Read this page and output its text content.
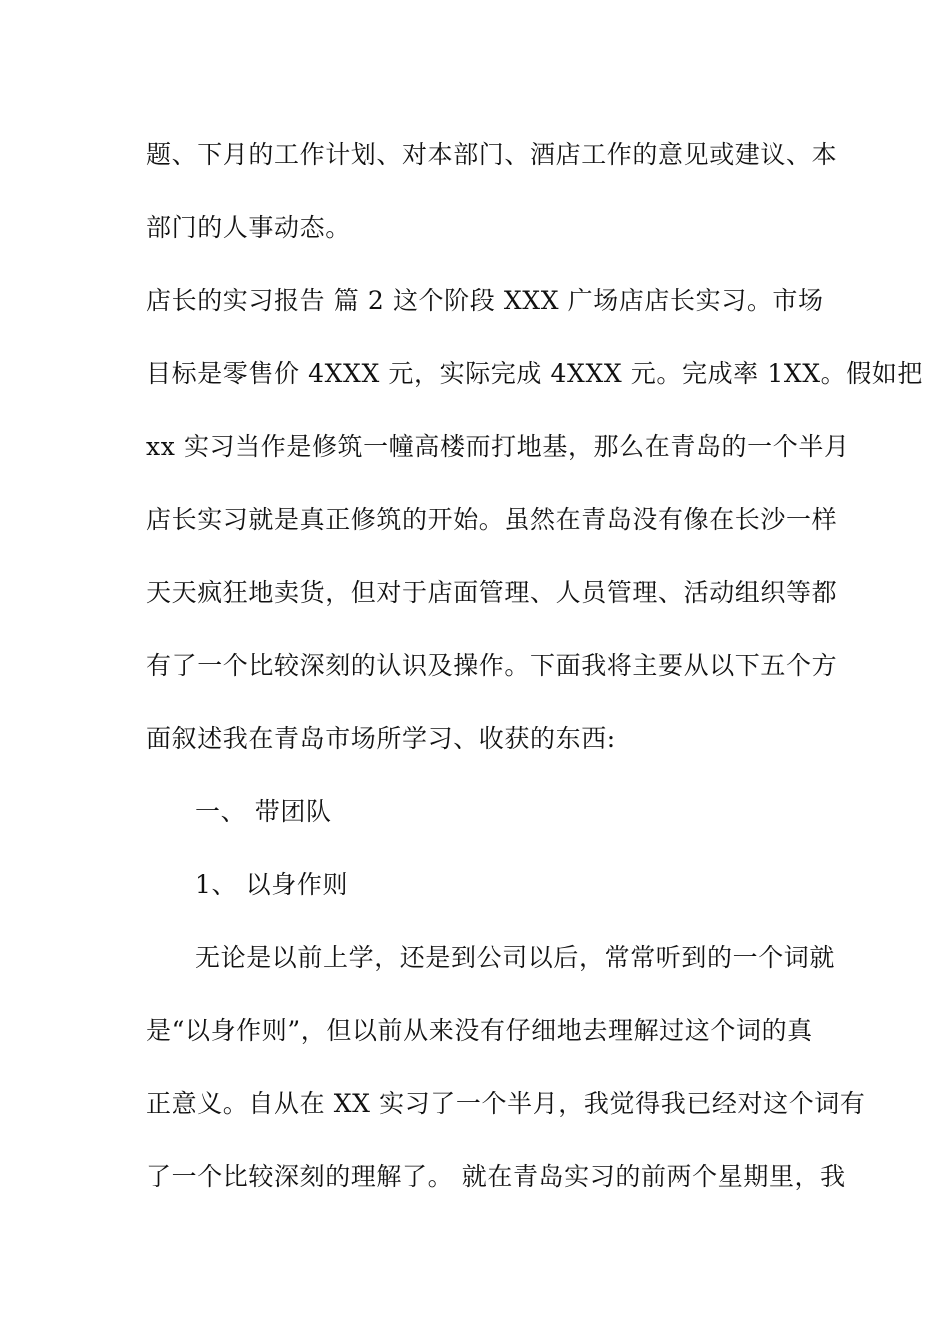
题、下月的工作计划、对本部门、酒店工作的意见或建议、本
部门的人事动态。
店长的实习报告 篇 2 这个阶段 XXX 广场店店长实习。市场
目标是零售价 4XXX 元，实际完成 4XXX 元。完成率 1XX。假如把
xx 实习当作是修筑一幢高楼而打地基，那么在青岛的一个半月
店长实习就是真正修筑的开始。虽然在青岛没有像在长沙一样
天天疯狂地卖货，但对于店面管理、人员管理、活动组织等都
有了一个比较深刻的认识及操作。下面我将主要从以下五个方
面叙述我在青岛市场所学习、收获的东西:
一、 带团队
1、 以身作则
无论是以前上学，还是到公司以后，常常听到的一个词就
是“以身作则”，但以前从来没有仔细地去理解过这个词的真
正意义。自从在 XX 实习了一个半月，我觉得我已经对这个词有
了一个比较深刻的理解了。 就在青岛实习的前两个星期里，我
